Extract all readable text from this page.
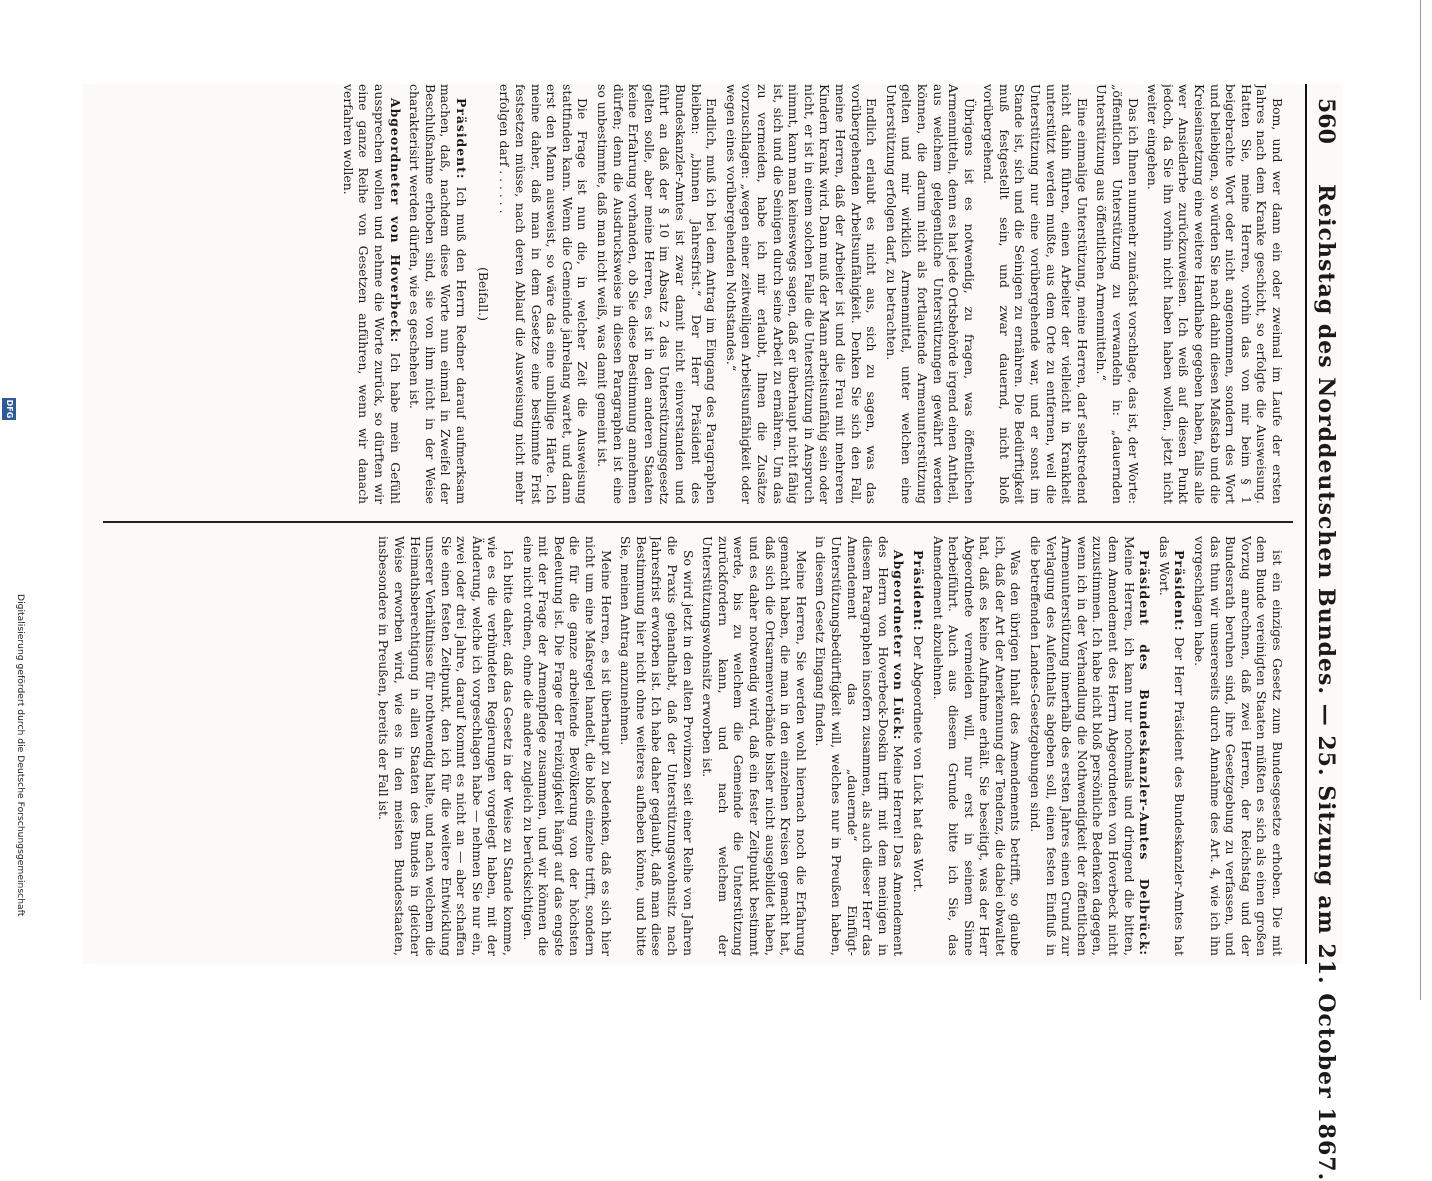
560
Reichstag des Norddeutschen Bundes. — 25. Sitzung am 21. October 1867.

Bom, und wer dann ein oder zweimal im Laufe der ersten Jahres nach dem Kranke geschicht, so erfolgte die Ausweisung. Hatten Sie, meine Herren, vorhin das von mir beim § 1 beigebrachte Wort oder nicht angenommen, sondern des Wort und beliebigen, so würden Sie nach dahin diesen Maßstab und die Kreiseinsetzung eine weitere Handhabe gegeben haben, falls alle wer Ansiedlerbe zurückzuweisen. Ich weiß auf diesen Punkt jedoch, da Sie ihn vorhin nicht haben haben wollen, jetzt nicht weiter eingehen.

Das ich Ihnen nunmehr zunächst vorschlage, das ist, der Worte: „öffentlichen Unterstützung zu verwandeln in: „dauernden Unterstützung aus öffentlichen Armenmitteln.“

Eine einmalige Unterstützung, meine Herren, darf selbstredend nicht dahin führen, einen Arbeiter der vielleicht in Krankheit unterstützt werden mußte, aus dem Orte zu entfernen, weil die Unterstützung nur eine vorübergehende war, und er sonst im Stande ist, sich und die Seinigen zu ernähren. Die Bedürftigkeit muß festgestellt sein, und zwar dauernd, nicht bloß vorübergehend.

Übrigens ist es notwendig, zu fragen, was öffentlichen Armenmitteln, denn es hat jede Ortsbehörde irgend einen Antheil, aus welchem gelegentliche Unterstützungen gewährt werden können, die darum nicht als fortlaufende Armenunterstützung gelten und mir wirklich Armenmittel, unter welchen eine Unterstützung erfolgen darf, zu betrachten.

Endlich erlaubt es nicht aus, sich zu sagen, was das vorübergehenden Arbeitsunfähigkeit. Denken Sie sich den Fall, meine Herren, daß der Arbeiter ist und die Frau mit mehreren Kindern krank wird. Dann muß der Mann arbeitsunfähig sein oder nicht, er ist in einem solchen Falle die Unterstützung in Anspruch nimmt, kann man keineswegs sagen, daß er überhaupt nicht fähig ist, sich und die Seinigen durch seine Arbeit zu ernähren. Um das zu vermeiden, habe ich mir erlaubt, Ihnen die Zusätze vorzuschlagen: „wegen einer zeitweiligen Arbeitsunfähigkeit oder wegen eines vorübergehenden Nothstandes.“

Endlich, muß ich bei dem Antrag im Eingang des Paragraphen bleiben: „binnen Jahresfrist.“ Der Herr Präsident des Bundeskanzler-Amtes ist zwar damit nicht einverstanden und führt an daß der § 10 im Absatz 2 das Unterstützungsgesetz gelten solle, aber meine Herren, es ist in den anderen Staaten keine Erfahrung vorhanden, ob Sie diese Bestimmung annehmen dürfen; denn die Ausdrucksweise in diesen Paragraphen ist eine so unbestimmte, daß man nicht weiß, was damit gemeint ist.

Die Frage ist nun die, in welcher Zeit die Ausweisung stattfinden kann. Wenn die Gemeinde jahrelang wartet, und dann erst den Mann ausweist, so wäre das eine unbillige Härte. Ich meine daher, daß man in dem Gesetze eine bestimmte Frist festsetzen müsse, nach deren Ablauf die Ausweisung nicht mehr erfolgen darf . . . . . .

(Beifall.)

Präsident: Ich muß den Herrn Redner darauf aufmerksam machen, daß, nachdem diese Worte nun einmal in Zweifel der Beschlußnahme erhoben sind, sie von ihm nicht in der Weise charakterisirt werden dürfen, wie es geschehen ist.

Abgeordneter von Hoverbeck: Ich habe mein Gefühl aussprechen wollen und nehme die Worte zurück, so dürften wir eine ganze Reihe von Gesetzen anführen, wenn wir danach verfahren wollen.

ist ein einziges Gesetz zum Bundesgesetze erhoben. Die mit dem Bunde vereinigten Staaten müßten es sich als einen großen Vorzug anrechnen, daß zwei Herren, der Reichstag und der Bundesrath beruhen sind, ihre Gesetzgebung zu verfassen, und das thun wir unsererseits durch Annahme des Art. 4, wie ich ihn vorgeschlagen habe.

Präsident: Der Herr Präsident des Bundeskanzler-Amtes hat das Wort.

Präsident des Bundeskanzler-Amtes Delbrück: Meine Herren, ich kann nur nochmals und dringend die bitten, dem Amendement des Herrn Abgeordneten von Hoverbeck nicht zuzustimmen. Ich habe nicht bloß persönliche Bedenken dagegen, wenn ich in der Verhandlung die Nothwendigkeit der öffentlichen Armenunterstützung innerhalb des ersten Jahres einen Grund zur Verlagung des Aufenthalts abgeben soll, einen festen Einfluß in die betreffenden Landes-Gesetzgebungen sind.

Was den übrigen Inhalt des Amendements betrifft, so glaube ich, daß der Art der Anerkennung der Tendenz, die dabei obwaltet hat, daß es keine Aufnahme erhält. Sie beseitigt, was der Herr Abgeordnete vermeiden will, nur erst in seinem Sinne herbeiführt. Auch aus diesem Grunde bitte ich Sie, das Amendement abzulehnen.

Präsident: Der Abgeordnete von Lück hat das Wort.

Abgeordneter von Lück: Meine Herren! Das Amendement des Herrn von Hoverbeck-Doskin trifft mit dem meinigen in diesem Paragraphen insofern zusammen, als auch dieser Herr das Amendement das „dauernde“ Einfügt-Unterstützungsbedürftigkeit will, welches nur in Preußen haben, in diesem Gesetz Eingang finden.

Meine Herren, Sie werden wohl hiernach noch die Erfahrung gemacht haben, die man in den einzelnen Kreisen gemacht hat, daß sich die Ortsarmenverbände bisher nicht ausgebildet haben, und es daher notwendig wird, daß ein fester Zeitpunkt bestimmt werde, bis zu welchem die Gemeinde die Unterstützung zurückfordern kann, und nach welchem der Unterstützungswohnsitz erworben ist.

So wird jetzt in den alten Provinzen seit einer Reihe von Jahren die Praxis gehandhabt, daß der Unterstützungswohnsitz nach Jahresfrist erworben ist. Ich habe daher geglaubt, daß man diese Bestimmung hier nicht ohne weiteres aufheben könne, und bitte Sie, meinen Antrag anzunehmen.

Meine Herren, es ist überhaupt zu bedenken, daß es sich hier nicht um eine Maßregel handelt, die bloß einzelne trifft, sondern die für die ganze arbeitende Bevölkerung von der höchsten Bedeutung ist. Die Frage der Freizügigkeit hängt auf das engste mit der Frage der Armenpflege zusammen, und wir können die eine nicht ordnen, ohne die andere zugleich zu berücksichtigen.

Ich bitte daher, daß das Gesetz in der Weise zu Stande komme, wie es die verbündeten Regierungen vorgelegt haben, mit der Änderung, welche ich vorgeschlagen habe — nehmen Sie nur ein, zwei oder drei Jahre, darauf kommt es nicht an — aber schaffen Sie einen festen Zeitpunkt, den ich für die weitere Entwicklung unserer Verhältnisse für nothwendig halte, und nach welchem die Heimathsberechtigung in allen Staaten des Bundes in gleicher Weise erworben wird, wie es in den meisten Bundesstaaten, insbesondere in Preußen, bereits der Fall ist.

Digitalisierung gefördert durch die Deutsche Forschungsgemeinschaft
DFG
